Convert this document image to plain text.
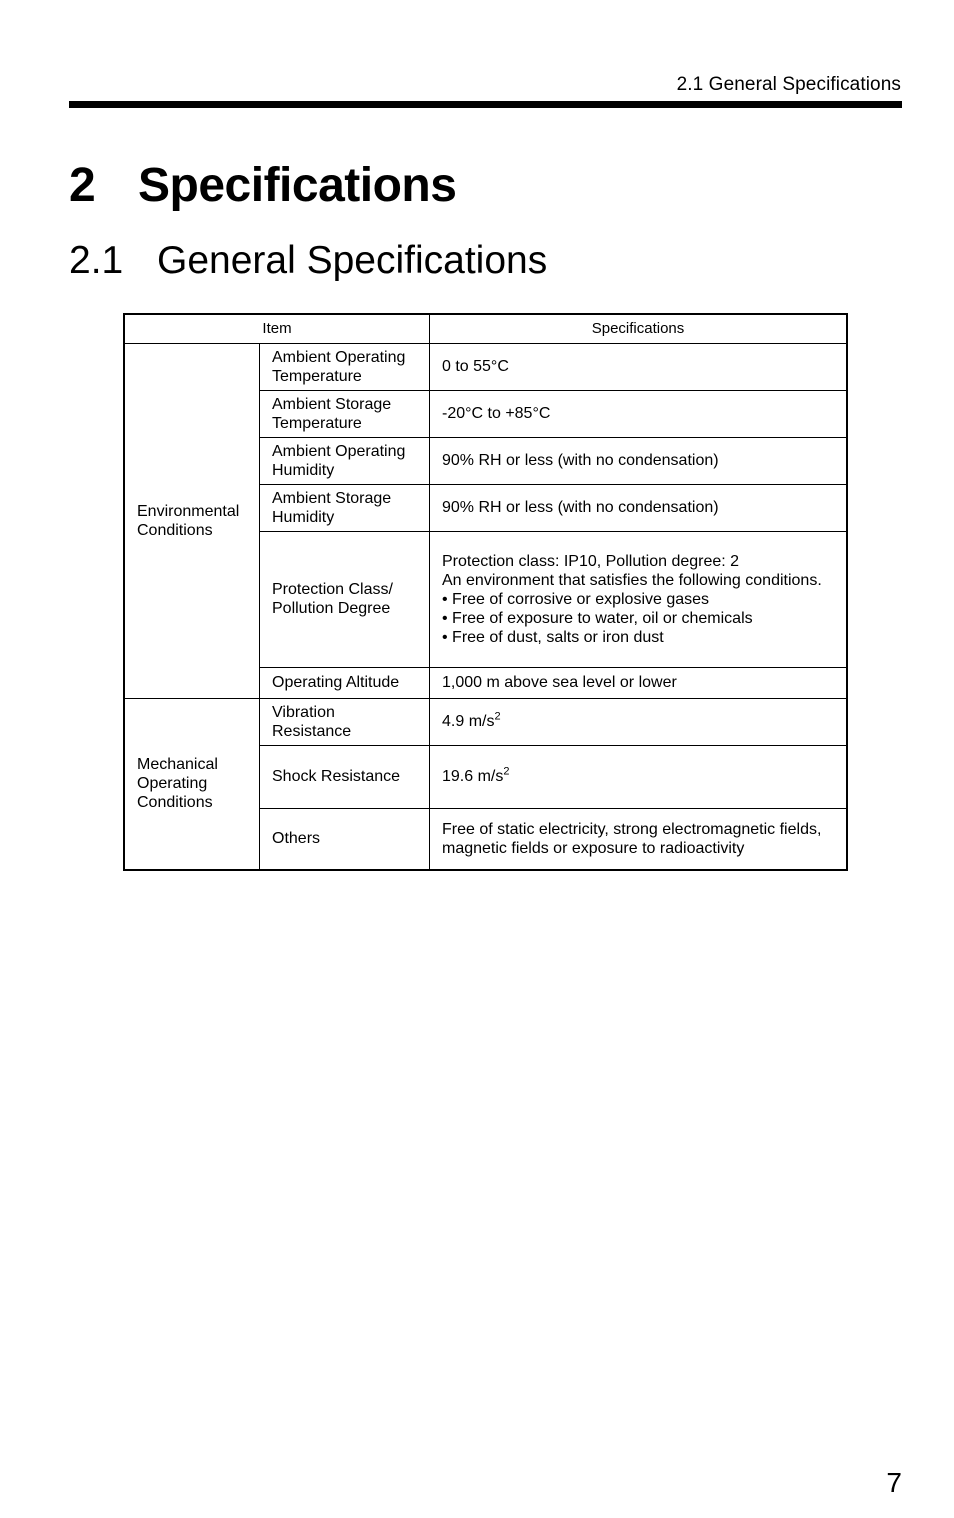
2.1 General Specifications
2 Specifications
2.1 General Specifications
Item		Specifications
Environmental Conditions	Ambient Operating Temperature	0 to 55°C
	Ambient Storage Temperature	-20°C to +85°C
	Ambient Operating Humidity	90% RH or less (with no condensation)
	Ambient Storage Humidity	90% RH or less (with no condensation)
	Protection Class/ Pollution Degree	Protection class: IP10, Pollution degree: 2
An environment that satisfies the following conditions.
• Free of corrosive or explosive gases
• Free of exposure to water, oil or chemicals
• Free of dust, salts or iron dust

	Operating Altitude	1,000 m above sea level or lower
Mechanical Operating Conditions	Vibration Resistance	4.9 $m/s^2$
	Shock Resistance	19.6 $m/s^2$
	Others	Free of static electricity, strong electromagnetic fields, magnetic fields or exposure to radioactivity
7
